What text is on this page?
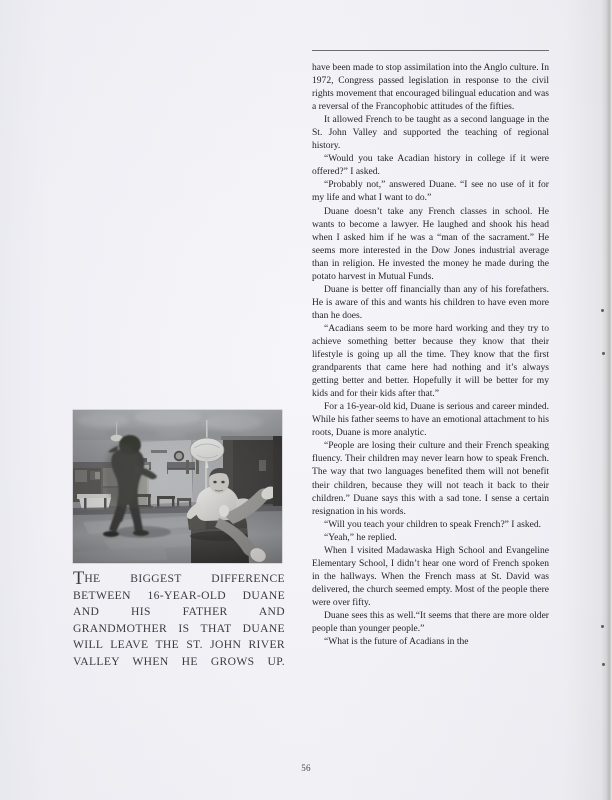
THE BIGGEST DIFFERENCE BETWEEN 16-YEAR-OLD DUANE AND HIS FATHER AND GRANDMOTHER IS THAT DUANE WILL LEAVE THE ST. JOHN RIVER VALLEY WHEN HE GROWS UP.

have been made to stop assimilation into the Anglo culture. In 1972, Congress passed legislation in response to the civil rights movement that encouraged bilingual education and was a reversal of the Francophobic attitudes of the fifties.

It allowed French to be taught as a second language in the St. John Valley and supported the teaching of regional history.

“Would you take Acadian history in college if it were offered?” I asked.

“Probably not,” answered Duane. “I see no use of it for my life and what I want to do.”

Duane doesn’t take any French classes in school. He wants to become a lawyer. He laughed and shook his head when I asked him if he was a “man of the sacrament.” He seems more interested in the Dow Jones industrial average than in religion. He invested the money he made during the potato harvest in Mutual Funds.

Duane is better off financially than any of his forefathers. He is aware of this and wants his children to have even more than he does.

“Acadians seem to be more hard working and they try to achieve something better because they know that their lifestyle is going up all the time. They know that the first grandparents that came here had nothing and it’s always getting better and better. Hopefully it will be better for my kids and for their kids after that.”

For a 16-year-old kid, Duane is serious and career minded. While his father seems to have an emotional attachment to his roots, Duane is more analytic.

“People are losing their culture and their French speaking fluency. Their children may never learn how to speak French. The way that two languages benefited them will not benefit their children, because they will not teach it back to their children.” Duane says this with a sad tone. I sense a certain resignation in his words.

“Will you teach your children to speak French?” I asked.

“Yeah,” he replied.

When I visited Madawaska High School and Evangeline Elementary School, I didn’t hear one word of French spoken in the hallways. When the French mass at St. David was delivered, the church seemed empty. Most of the people there were over fifty.

Duane sees this as well.“It seems that there are more older people than younger people.”

“What is the future of Acadians in the

56
